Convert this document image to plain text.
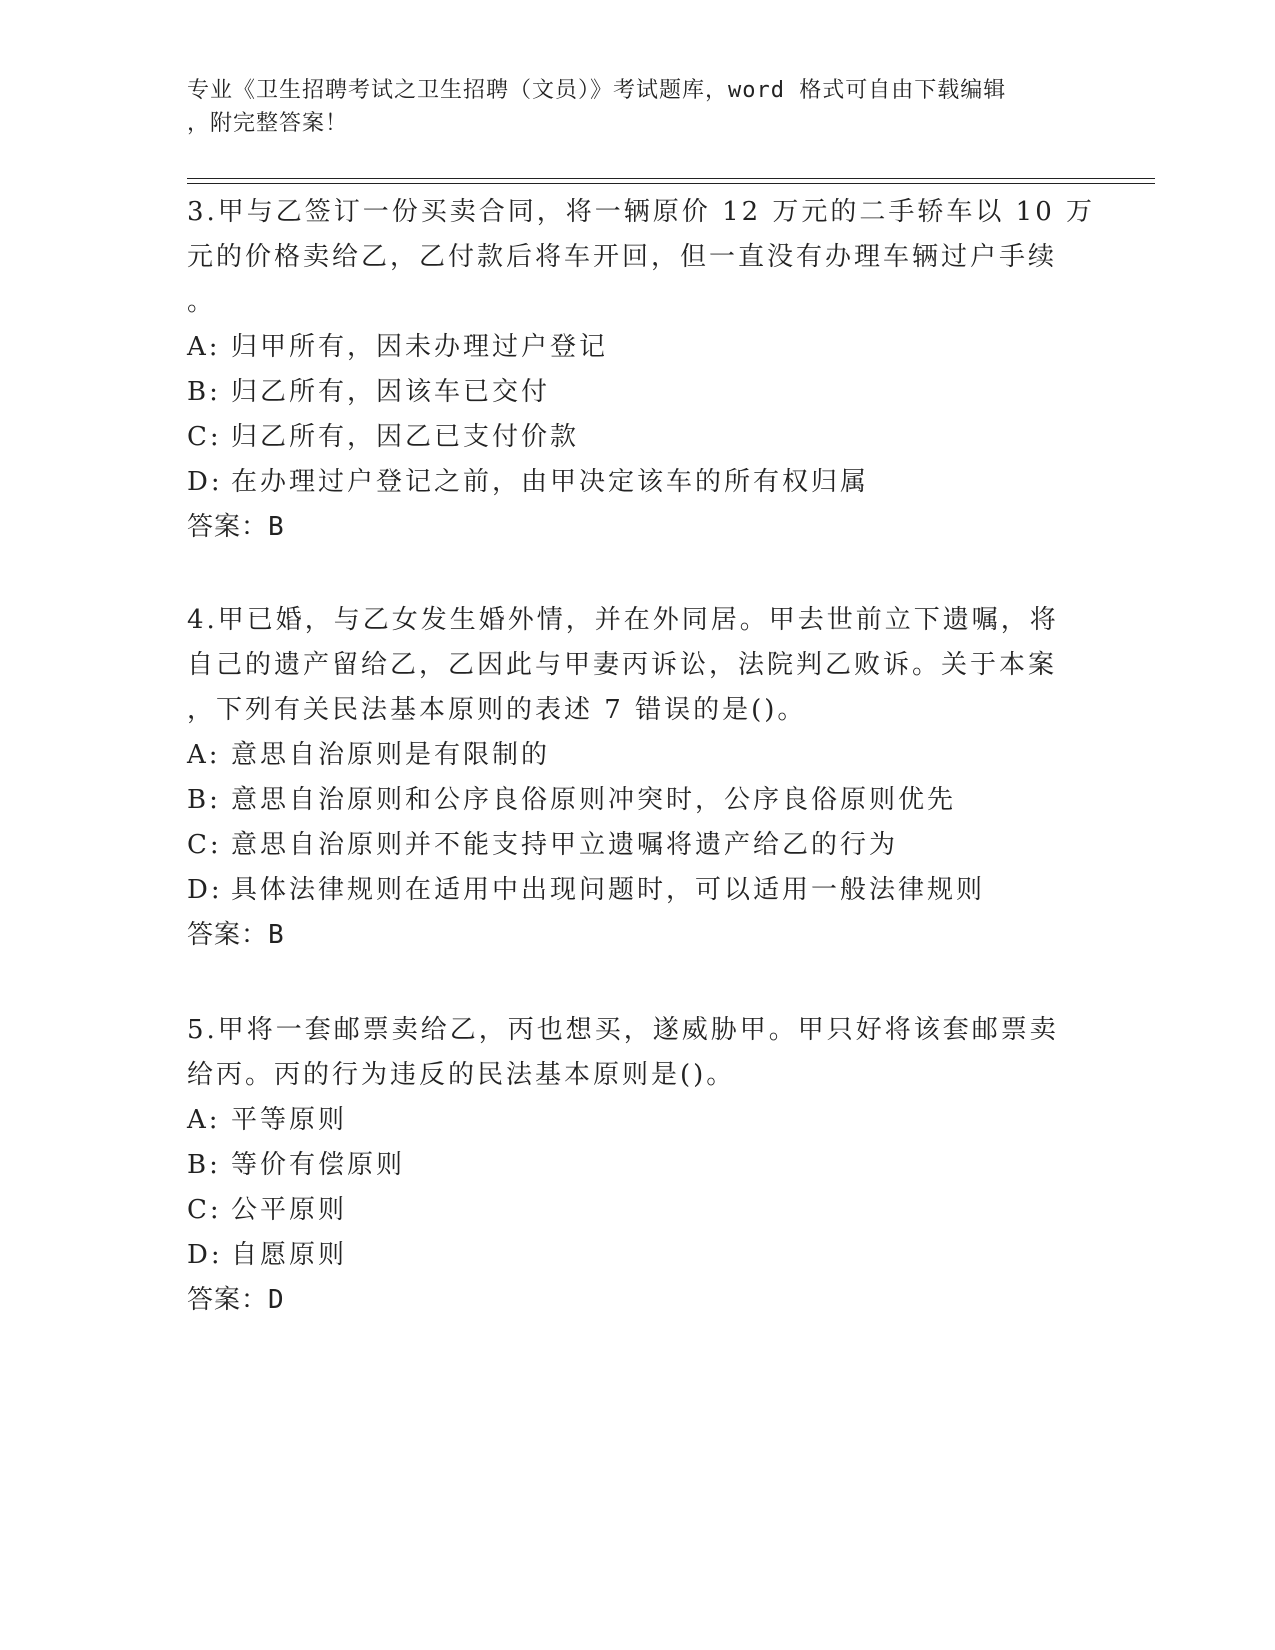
专业《卫生招聘考试之卫生招聘（文员）》考试题库，word 格式可自由下载编辑
，附完整答案！
3.甲与乙签订一份买卖合同，将一辆原价 12 万元的二手轿车以 10 万
元的价格卖给乙，乙付款后将车开回，但一直没有办理车辆过户手续
。
A: 归甲所有，因未办理过户登记
B: 归乙所有，因该车已交付
C: 归乙所有，因乙已支付价款
D: 在办理过户登记之前，由甲决定该车的所有权归属
答案：B
4.甲已婚，与乙女发生婚外情，并在外同居。甲去世前立下遗嘱，将
自己的遗产留给乙，乙因此与甲妻丙诉讼，法院判乙败诉。关于本案
，下列有关民法基本原则的表述 7 错误的是()。
A: 意思自治原则是有限制的
B: 意思自治原则和公序良俗原则冲突时，公序良俗原则优先
C: 意思自治原则并不能支持甲立遗嘱将遗产给乙的行为
D: 具体法律规则在适用中出现问题时，可以适用一般法律规则
答案：B
5.甲将一套邮票卖给乙，丙也想买，遂威胁甲。甲只好将该套邮票卖
给丙。丙的行为违反的民法基本原则是()。
A: 平等原则
B: 等价有偿原则
C: 公平原则
D: 自愿原则
答案：D
